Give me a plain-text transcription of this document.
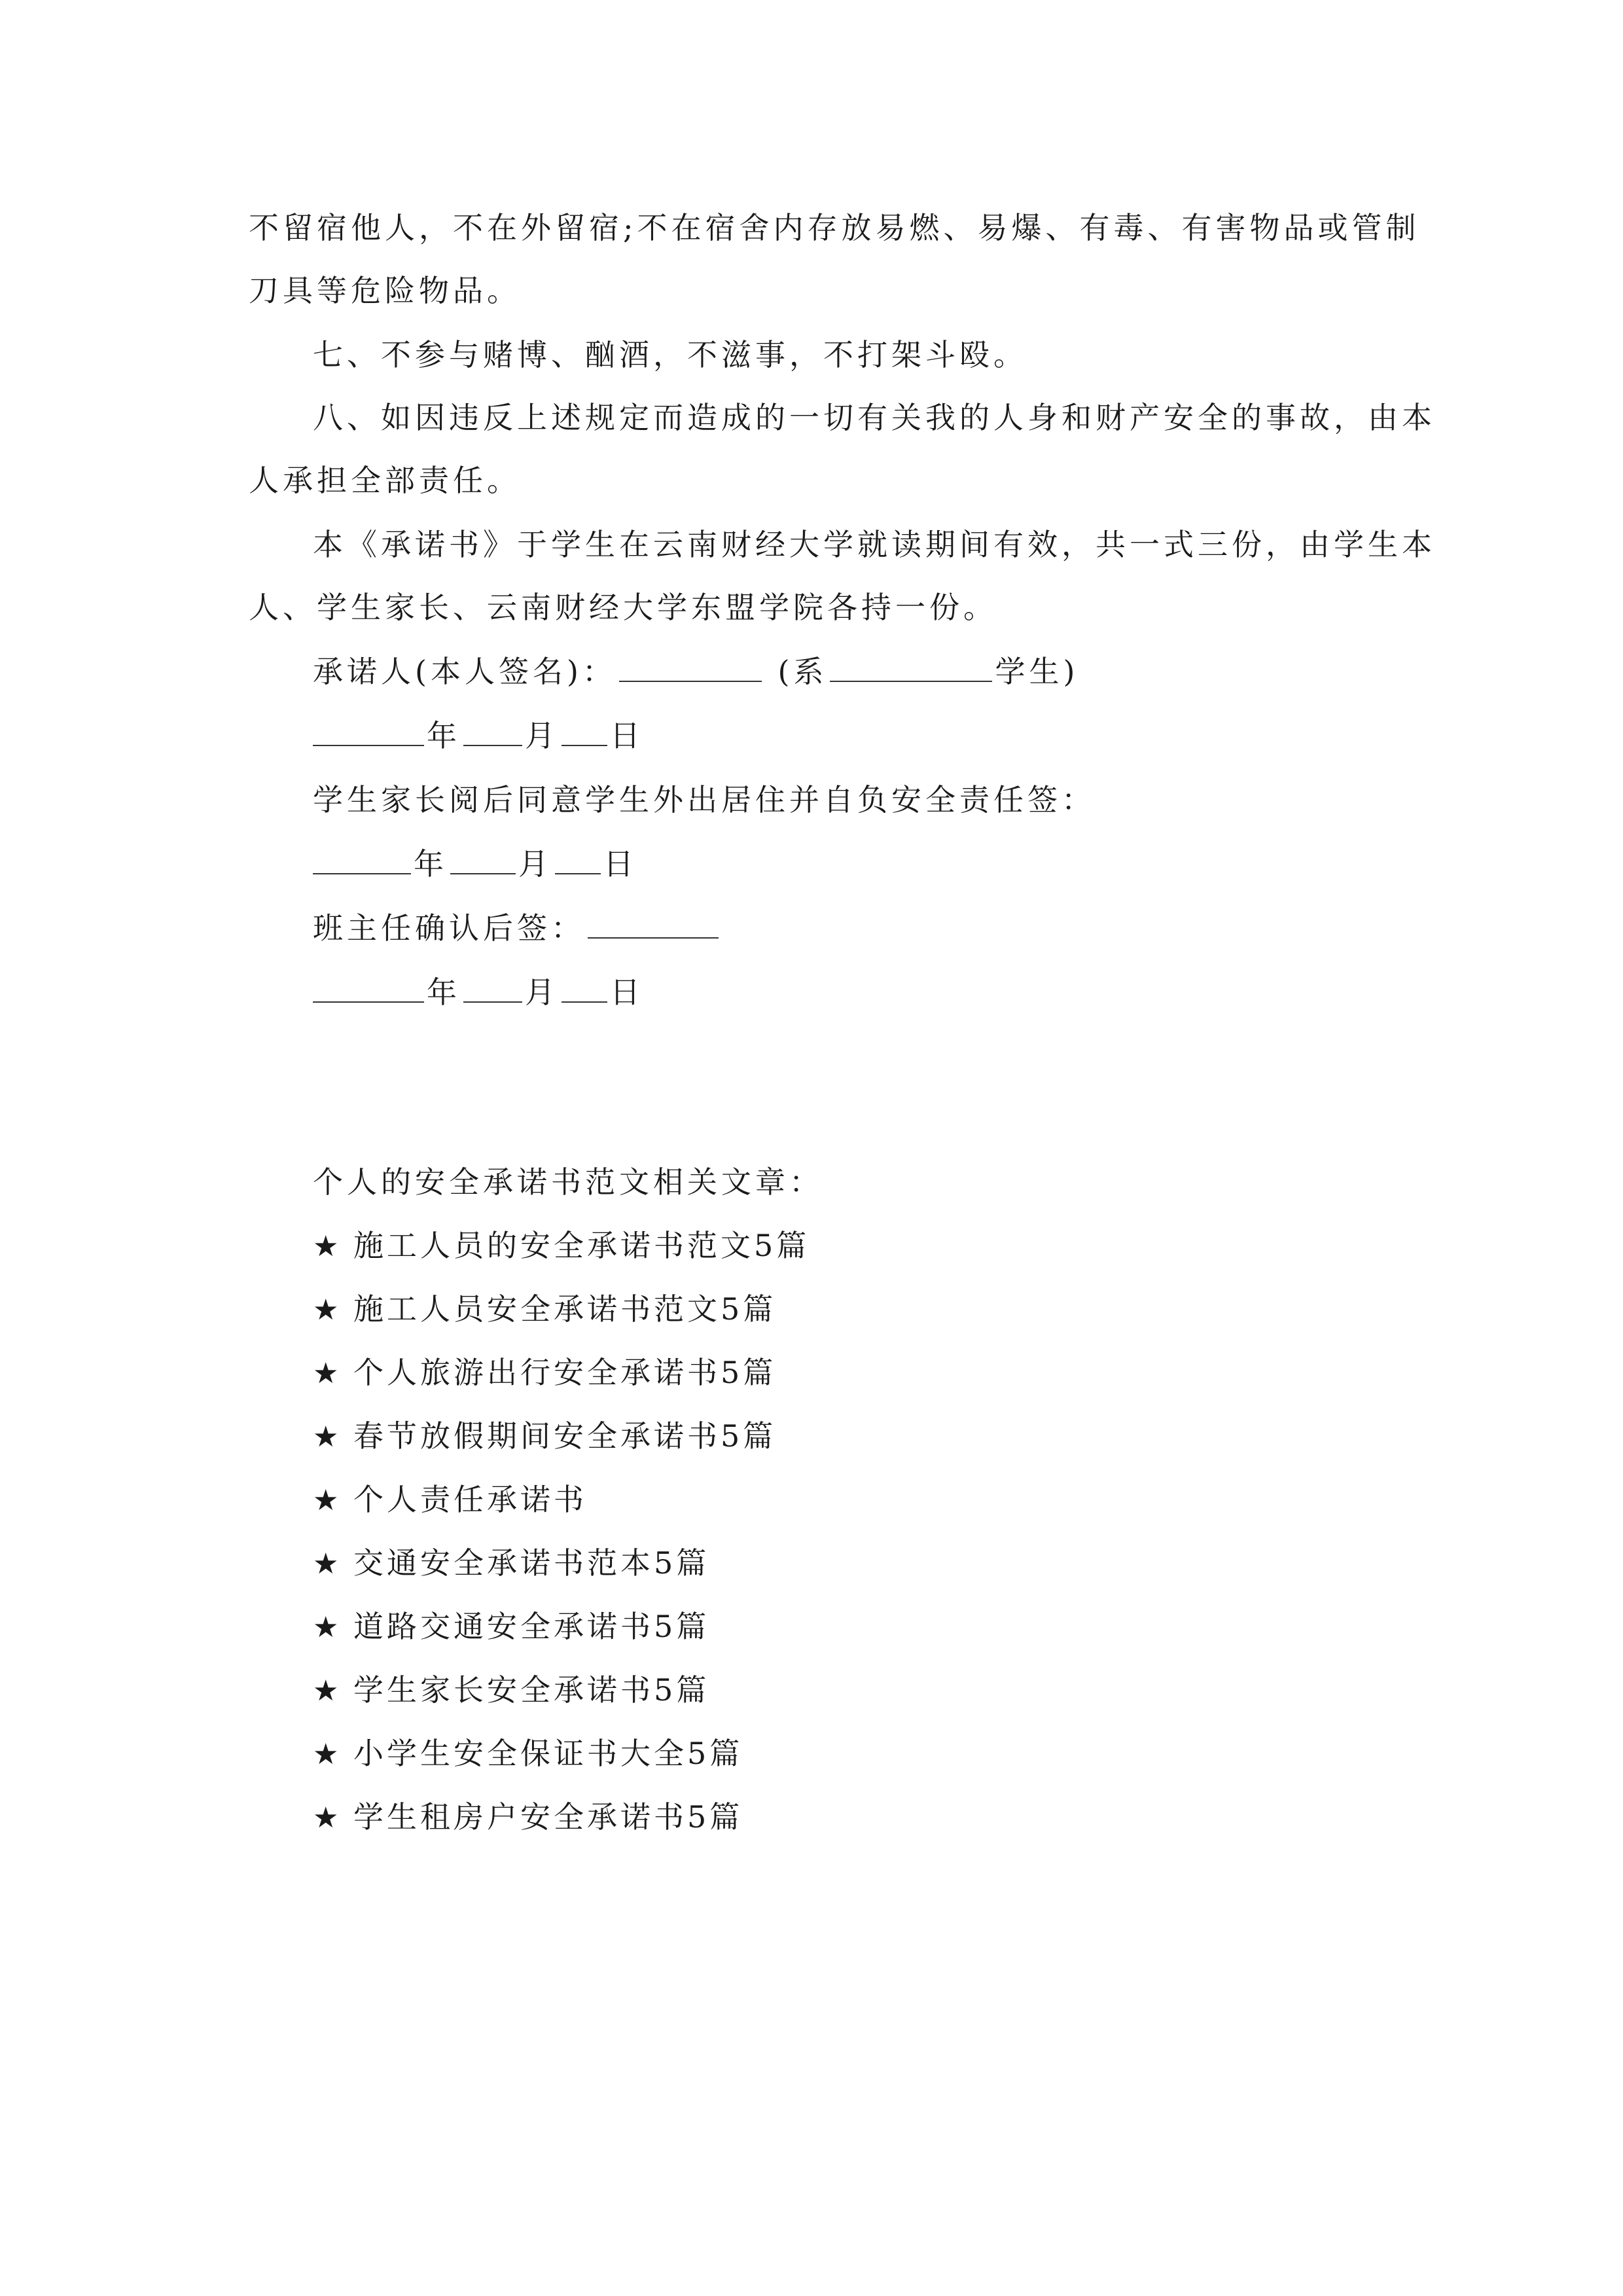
不留宿他人，不在外留宿;不在宿舍内存放易燃、易爆、有毒、有害物品或管制
刀具等危险物品。
七、不参与赌博、酗酒，不滋事，不打架斗殴。
八、如因违反上述规定而造成的一切有关我的人身和财产安全的事故，由本
人承担全部责任。
本《承诺书》于学生在云南财经大学就读期间有效，共一式三份，由学生本
人、学生家长、云南财经大学东盟学院各持一份。
承诺人(本人签名)：	(系	学生)
年 月 日
学生家长阅后同意学生外出居住并自负安全责任签：
年 月 日
班主任确认后签：
年 月 日
个人的安全承诺书范文相关文章：
★ 施工人员的安全承诺书范文5篇
★ 施工人员安全承诺书范文5篇
★ 个人旅游出行安全承诺书5篇
★ 春节放假期间安全承诺书5篇
★ 个人责任承诺书
★ 交通安全承诺书范本5篇
★ 道路交通安全承诺书5篇
★ 学生家长安全承诺书5篇
★ 小学生安全保证书大全5篇
★ 学生租房户安全承诺书5篇
